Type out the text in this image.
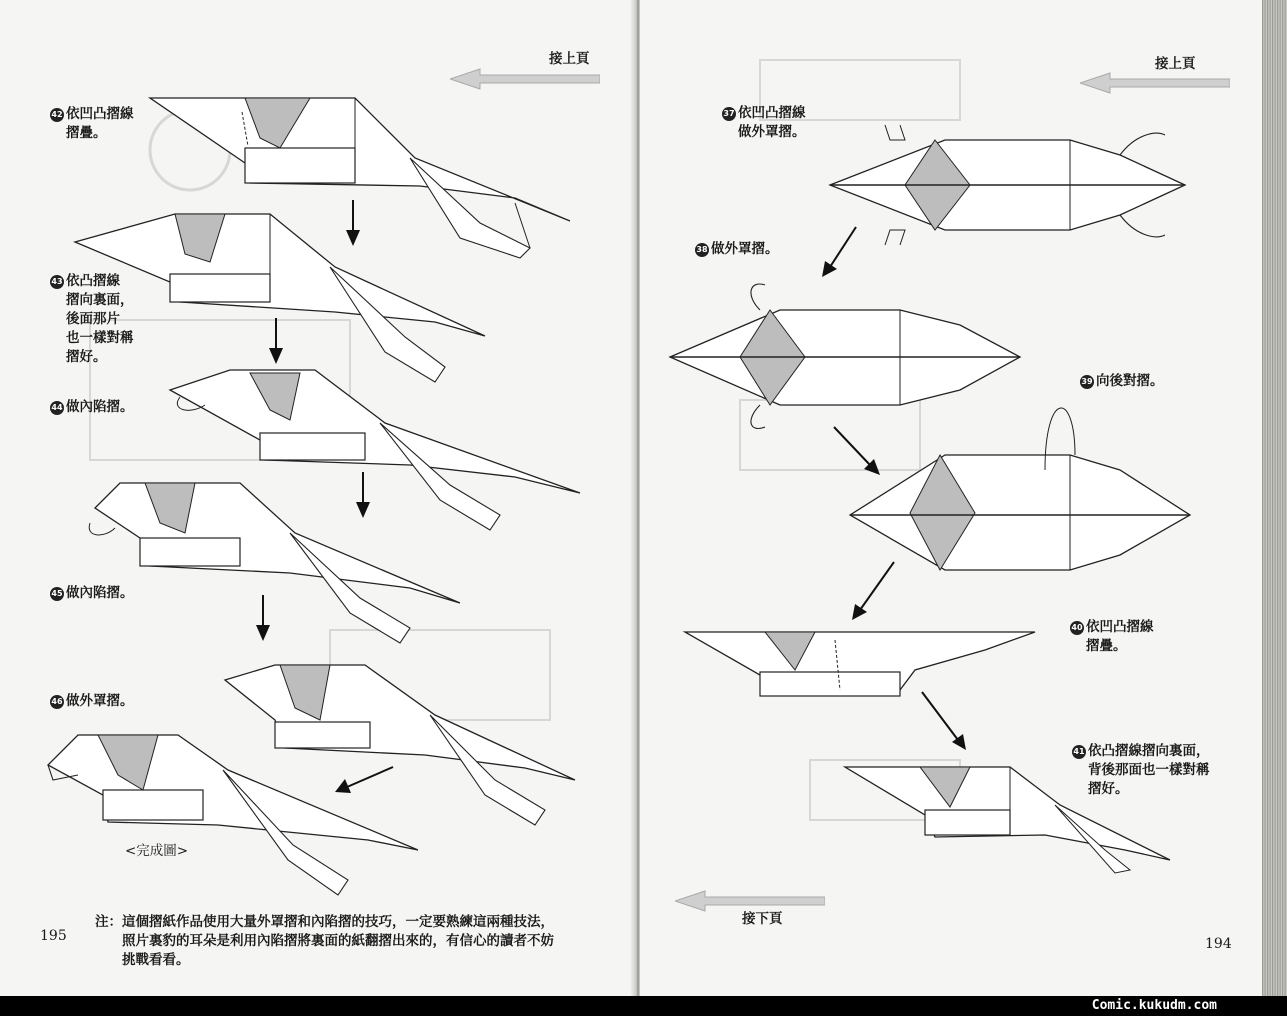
接上頁
42 依凹凸摺線
摺疊。
43 依凸摺線
摺向裏面，
後面那片
也一樣對稱
摺好。
44 做內陷摺。
45 做內陷摺。
46 做外罩摺。
<完成圖>
注：這個摺紙作品使用大量外罩摺和內陷摺的技巧，一定要熟練這兩種技法，
照片裏豹的耳朵是利用內陷摺將裏面的紙翻摺出來的，有信心的讀者不妨
挑戰看看。
195
接上頁
37 依凹凸摺線
做外罩摺。
38 做外罩摺。
39 向後對摺。
40 依凹凸摺線
摺疊。
41 依凸摺線摺向裏面，
背後那面也一樣對稱
摺好。
接下頁
194
Comic.kukudm.com
